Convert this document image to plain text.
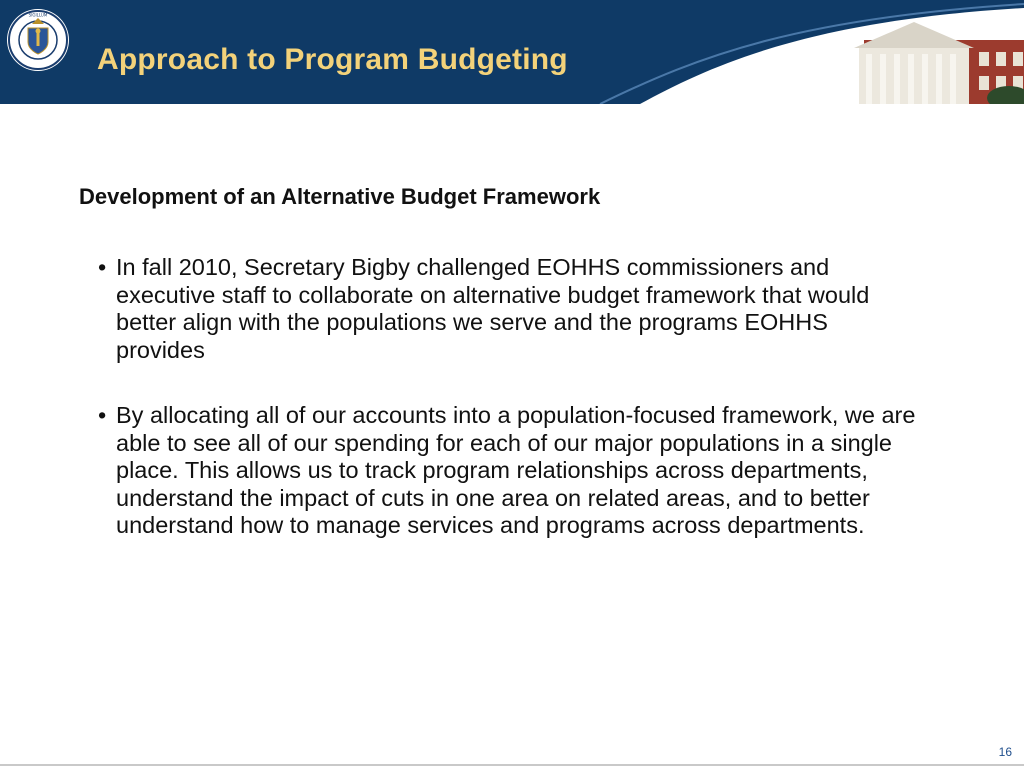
SIGILLUM
Approach to Program Budgeting
Development of an Alternative Budget Framework
• In fall 2010, Secretary Bigby challenged EOHHS commissioners and executive staff to collaborate on alternative budget framework that would better align with the populations we serve and the programs EOHHS provides
• By allocating all of our accounts into a population-focused framework, we are able to see all of our spending for each of our major populations in a single place. This allows us to track program relationships across departments, understand the impact of cuts in one area on related areas, and to better understand how to manage services and programs across departments.
16
